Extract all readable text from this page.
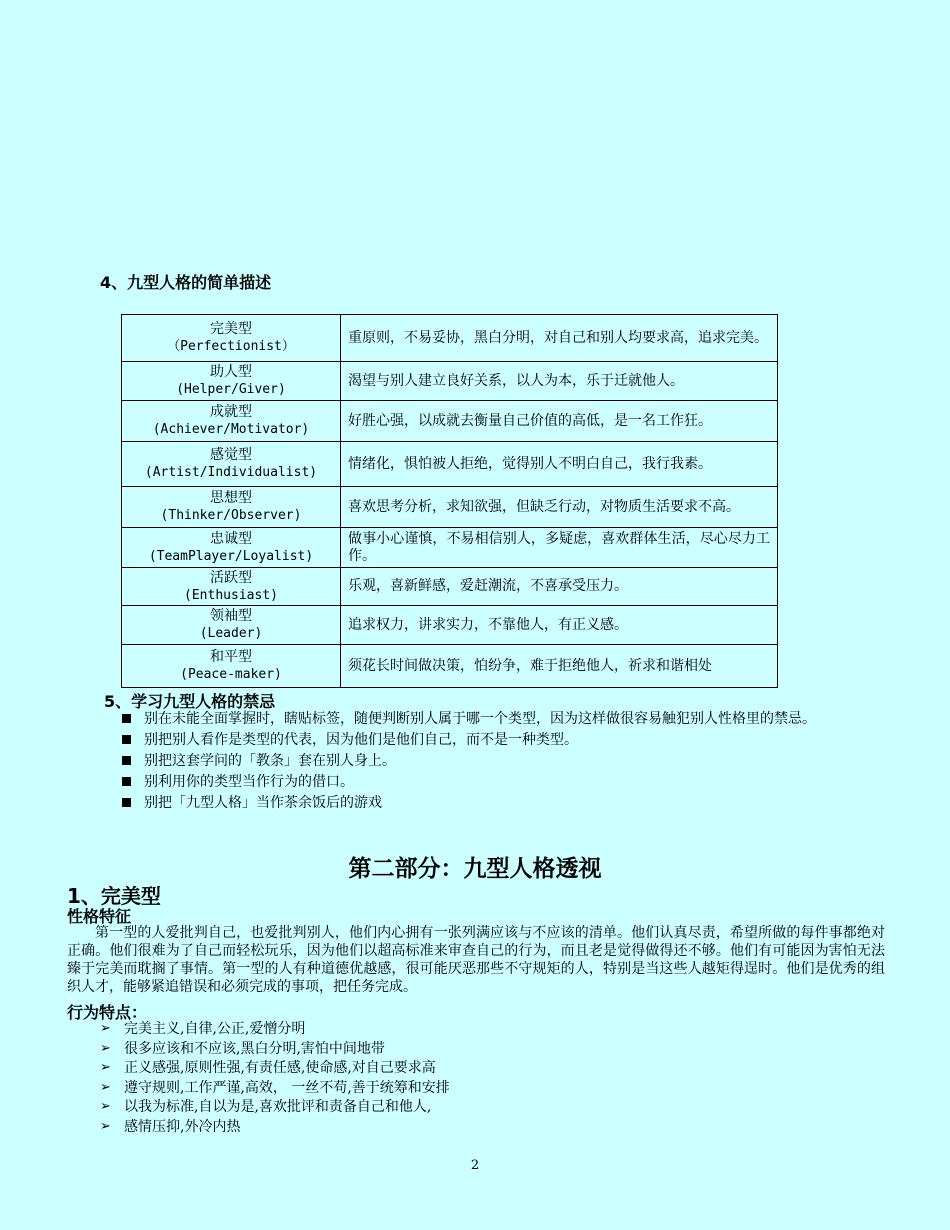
4、九型人格的简单描述
完美型
（Perfectionist）	重原则，不易妥协，黑白分明，对自己和别人均要求高，追求完美。

助人型
(Helper/Giver)	渴望与别人建立良好关系，以人为本，乐于迁就他人。

成就型
(Achiever/Motivator)	好胜心强，以成就去衡量自己价值的高低，是一名工作狂。

感觉型
(Artist/Individualist)	情绪化，惧怕被人拒绝，觉得别人不明白自己，我行我素。

思想型
(Thinker/Observer)	喜欢思考分析，求知欲强，但缺乏行动，对物质生活要求不高。

忠诚型
(TeamPlayer/Loyalist)	做事小心谨慎，不易相信别人，多疑虑，喜欢群体生活，尽心尽力工作。

活跃型
(Enthusiast)	乐观，喜新鲜感，爱赶潮流，不喜承受压力。

领袖型
(Leader)	追求权力，讲求实力，不靠他人，有正义感。

和平型
(Peace-maker)	须花长时间做决策，怕纷争，难于拒绝他人，祈求和谐相处
5、学习九型人格的禁忌
别在未能全面掌握时，瞎贴标签，随便判断别人属于哪一个类型，因为这样做很容易触犯别人性格里的禁忌。
别把别人看作是类型的代表，因为他们是他们自己，而不是一种类型。
别把这套学问的「教条」套在别人身上。
别利用你的类型当作行为的借口。
别把「九型人格」当作茶余饭后的游戏
第二部分：九型人格透视
1、完美型
性格特征
第一型的人爱批判自己，也爱批判别人，他们内心拥有一张列满应该与不应该的清单。他们认真尽责，希望所做的每件事都绝对正确。他们很难为了自己而轻松玩乐，因为他们以超高标准来审查自己的行为，而且老是觉得做得还不够。他们有可能因为害怕无法臻于完美而耽搁了事情。第一型的人有种道德优越感，很可能厌恶那些不守规矩的人，特别是当这些人越矩得逞时。他们是优秀的组织人才，能够紧追错误和必须完成的事项，把任务完成。
行为特点：
➢ 完美主义,自律,公正,爱憎分明
➢ 很多应该和不应该,黑白分明,害怕中间地带
➢ 正义感强,原则性强,有责任感,使命感,对自己要求高
➢ 遵守规则,工作严谨,高效， 一丝不苟,善于统筹和安排
➢ 以我为标准,自以为是,喜欢批评和责备自己和他人,
➢ 感情压抑,外冷内热
2
